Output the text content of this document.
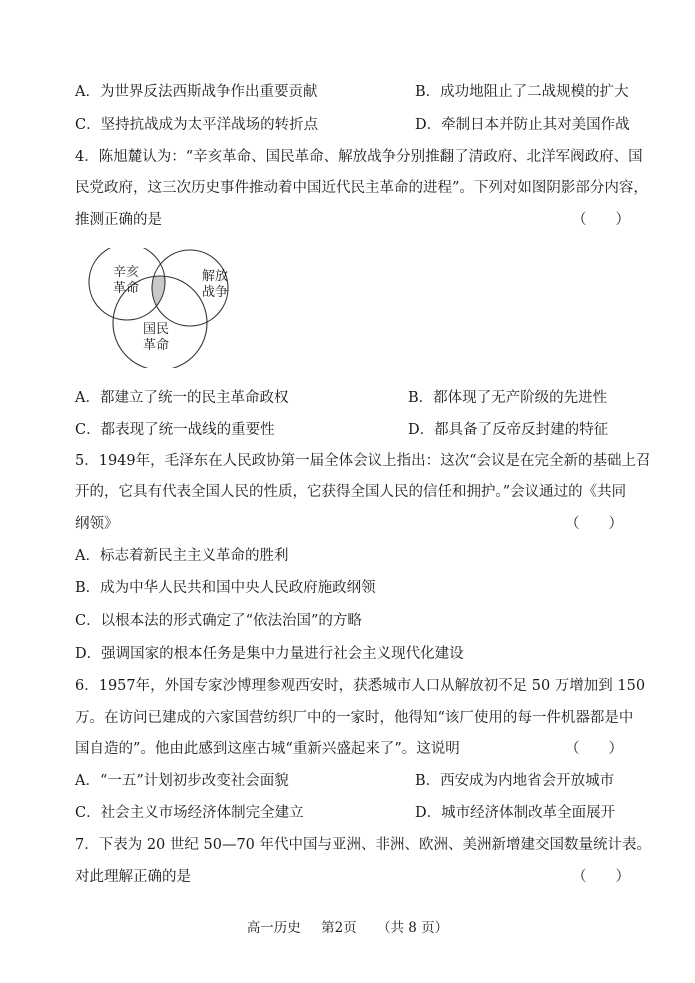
A．为世界反法西斯战争作出重要贡献	B．成功地阻止了二战规模的扩大
C．坚持抗战成为太平洋战场的转折点	D．牵制日本并防止其对美国作战
4．陈旭麓认为：“辛亥革命、国民革命、解放战争分别推翻了清政府、北洋军阀政府、国
民党政府，这三次历史事件推动着中国近代民主革命的进程”。下列对如图阴影部分内容，
推测正确的是	（　　）
辛亥
革命
解放
战争
国民
革命
A．都建立了统一的民主革命政权	B．都体现了无产阶级的先进性
C．都表现了统一战线的重要性	D．都具备了反帝反封建的特征
5．1949年，毛泽东在人民政协第一届全体会议上指出：这次“会议是在完全新的基础上召
开的，它具有代表全国人民的性质，它获得全国人民的信任和拥护。”会议通过的《共同
纲领》	（　　）
A．标志着新民主主义革命的胜利
B．成为中华人民共和国中央人民政府施政纲领
C．以根本法的形式确定了“依法治国”的方略
D．强调国家的根本任务是集中力量进行社会主义现代化建设
6．1957年，外国专家沙博理参观西安时，获悉城市人口从解放初不足 50 万增加到 150
万。在访问已建成的六家国营纺织厂中的一家时，他得知“该厂使用的每一件机器都是中
国自造的”。他由此感到这座古城“重新兴盛起来了”。这说明	（　　）
A．“一五”计划初步改变社会面貌	B．西安成为内地省会开放城市
C．社会主义市场经济体制完全建立	D．城市经济体制改革全面展开
7．下表为 20 世纪 50—70 年代中国与亚洲、非洲、欧洲、美洲新增建交国数量统计表。
对此理解正确的是	（　　）
高一历史 第2页 （共 8 页）
